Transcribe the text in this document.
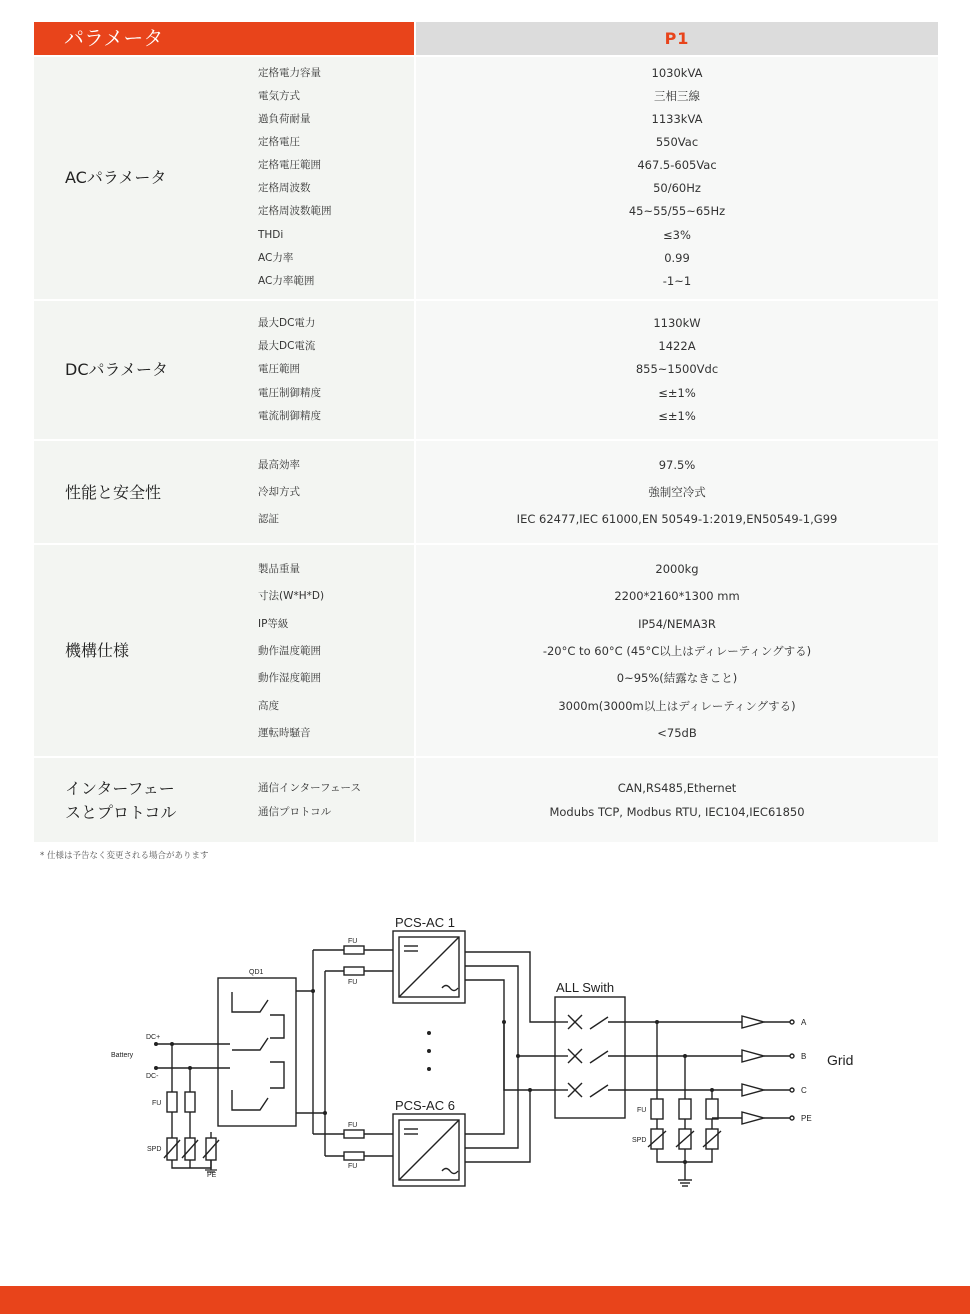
パラメータ	P1
ACパラメータ
定格電力容量	1030kVA
電気方式	三相三線
過負荷耐量	1133kVA
定格電圧	550Vac
定格電圧範囲	467.5-605Vac
定格周波数	50/60Hz
定格周波数範囲	45~55/55~65Hz
THDi	≤3%
AC力率	0.99
AC力率範囲	-1~1
DCパラメータ
最大DC電力	1130kW
最大DC電流	1422A
電圧範囲	855~1500Vdc
電圧制御精度	≤±1%
電流制御精度	≤±1%
性能と安全性
最高効率	97.5%
冷却方式	強制空冷式
認証	IEC 62477,IEC 61000,EN 50549-1:2019,EN50549-1,G99
機構仕様
製品重量	2000kg
寸法(W*H*D)	2200*2160*1300 mm
IP等級	IP54/NEMA3R
動作温度範囲	-20°C to 60°C (45°C以上はディレーティングする)
動作湿度範囲	0~95%(結露なきこと)
高度	3000m(3000m以上はディレーティングする)
運転時騒音	<75dB
インターフェー
スとプロトコル
通信インターフェース	CAN,RS485,Ethernet
通信プロトコル	Modubs TCP, Modbus RTU, IEC104,IEC61850
* 仕様は予告なく変更される場合があります
PCS-AC 1
PCS-AC 6
ALL Swith
QD1
Battery
DC+
DC-
FU
SPD
PE
FU
FU
FU
FU
FU
SPD
A
B
C
PE
Grid
